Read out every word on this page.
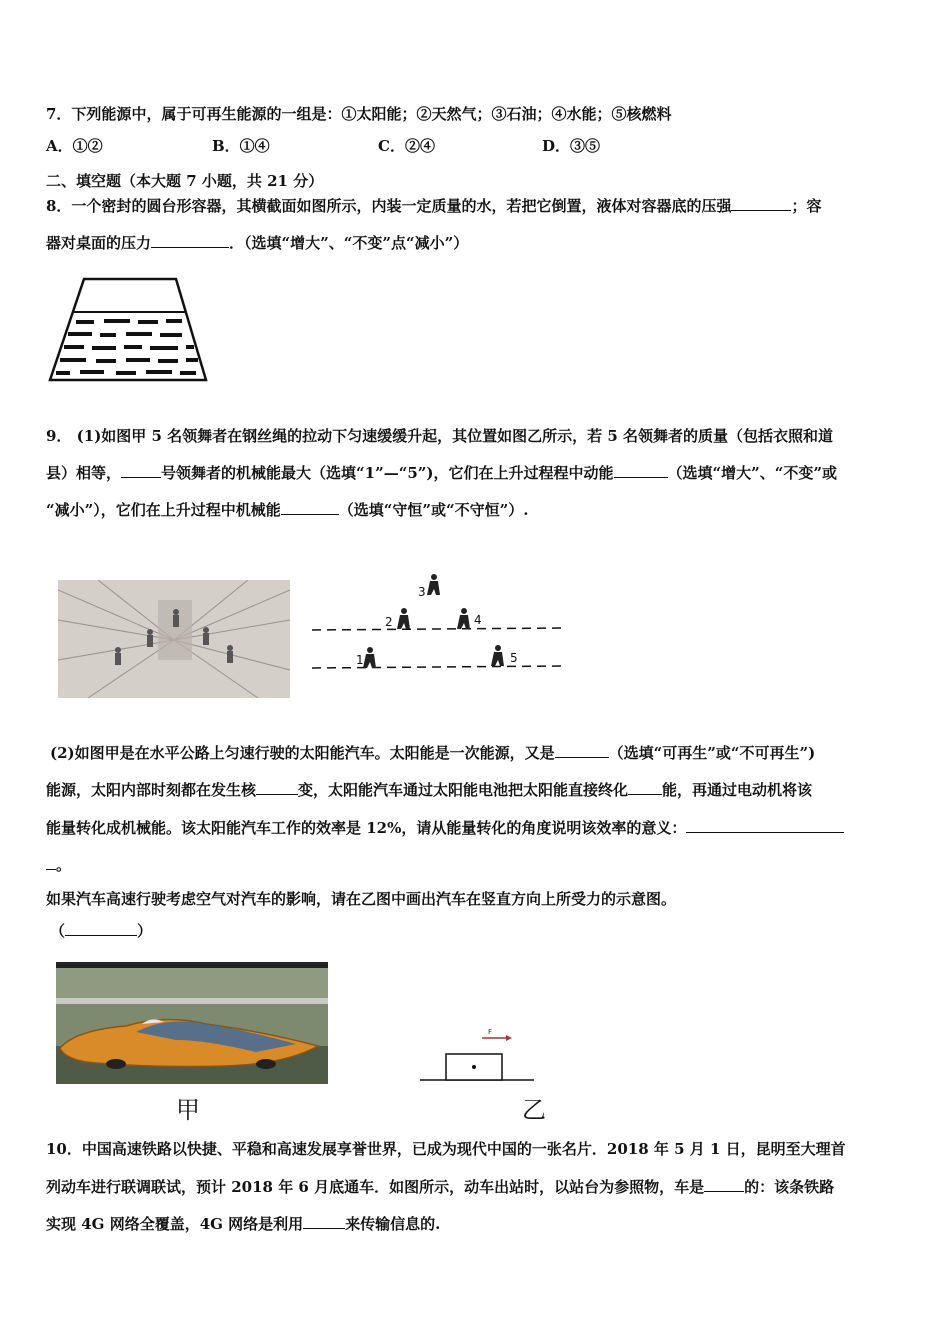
7．下列能源中，属于可再生能源的一组是：①太阳能；②天然气；③石油；④水能；⑤核燃料
A．①②	B．①④	C．②④	D．③⑤
二、填空题（本大题 7 小题，共 21 分）
8．一个密封的圆台形容器，其横截面如图所示，内装一定质量的水，若把它倒置，液体对容器底的压强	；容
器对桌面的压力	．（选填“增大”、“不变”点“减小”）
9． (1)如图甲 5 名领舞者在钢丝绳的拉动下匀速缓缓升起，其位置如图乙所示，若 5 名领舞者的质量（包括衣照和道
县）相等，	号领舞者的机械能最大（选填“1”—“5”)，它们在上升过程程中动能	（选填“增大”、“不变”或
“减小”），它们在上升过程中机械能	（选填“守恒”或“不守恒”）.
1
2
3
4
5
(2)如图甲是在水平公路上匀速行驶的太阳能汽车。太阳能是一次能源，又是	（选填“可再生”或“不可再生”)
能源，太阳内部时刻都在发生核	变，太阳能汽车通过太阳能电池把太阳能直接终化 能，再通过电动机将该
能量转化成机械能。该太阳能汽车工作的效率是 12%，请从能量转化的角度说明该效率的意义：
。
如果汽车高速行驶考虑空气对汽车的影响，请在乙图中画出汽车在竖直方向上所受力的示意图。
（	）
F
甲	乙
10．中国高速铁路以快捷、平稳和高速发展享誉世界，已成为现代中国的一张名片．2018 年 5 月 1 日，昆明至大理首
列动车进行联调联试，预计 2018 年 6 月底通车．如图所示，动车出站时，以站台为参照物，车是	的：该条铁路
实现 4G 网络全覆盖，4G 网络是利用	来传输信息的.
